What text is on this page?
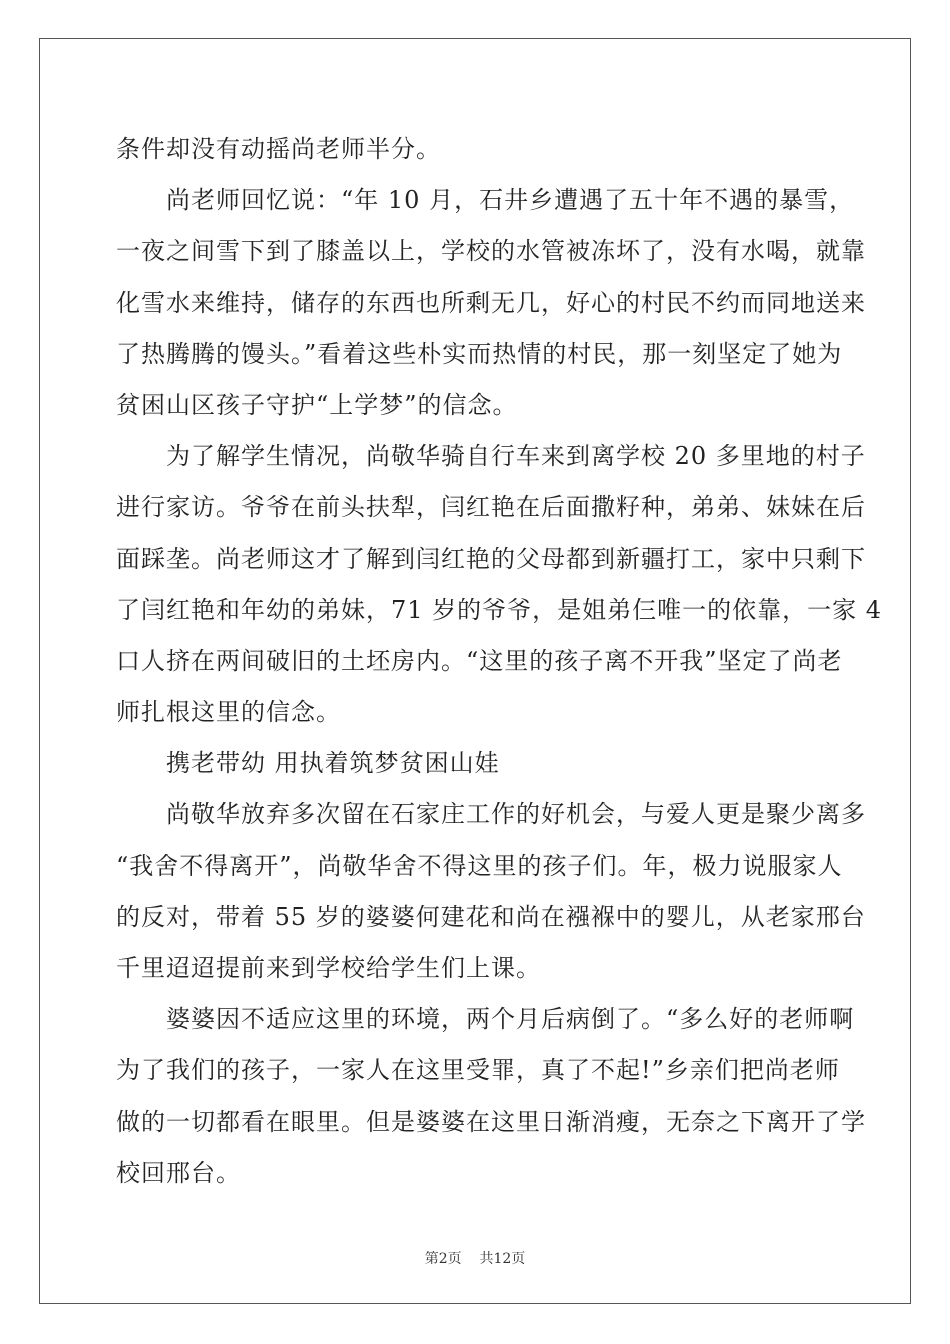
条件却没有动摇尚老师半分。
尚老师回忆说：“年 10 月，石井乡遭遇了五十年不遇的暴雪，
一夜之间雪下到了膝盖以上，学校的水管被冻坏了，没有水喝，就靠
化雪水来维持，储存的东西也所剩无几，好心的村民不约而同地送来
了热腾腾的馒头。”看着这些朴实而热情的村民，那一刻坚定了她为
贫困山区孩子守护“上学梦”的信念。
为了解学生情况，尚敬华骑自行车来到离学校 20 多里地的村子
进行家访。爷爷在前头扶犁，闫红艳在后面撒籽种，弟弟、妹妹在后
面踩垄。尚老师这才了解到闫红艳的父母都到新疆打工，家中只剩下
了闫红艳和年幼的弟妹，71 岁的爷爷，是姐弟仨唯一的依靠，一家 4
口人挤在两间破旧的土坯房内。“这里的孩子离不开我”坚定了尚老
师扎根这里的信念。
携老带幼 用执着筑梦贫困山娃
尚敬华放弃多次留在石家庄工作的好机会，与爱人更是聚少离多
“我舍不得离开”，尚敬华舍不得这里的孩子们。年，极力说服家人
的反对，带着 55 岁的婆婆何建花和尚在襁褓中的婴儿，从老家邢台
千里迢迢提前来到学校给学生们上课。
婆婆因不适应这里的环境，两个月后病倒了。“多么好的老师啊
为了我们的孩子，一家人在这里受罪，真了不起!”乡亲们把尚老师
做的一切都看在眼里。但是婆婆在这里日渐消瘦，无奈之下离开了学
校回邢台。
第2页 共12页
